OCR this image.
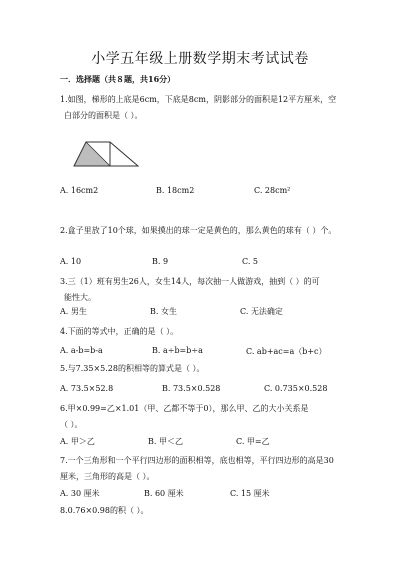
小学五年级上册数学期末考试试卷
一．选择题（共８题，共16分）
1.如图，梯形的上底是6cm，下底是8cm，阴影部分的面积是12平方厘米，空
白部分的面积是（ ）。
A. 16cm2	B. 18cm2	C. 28cm²
2.盒子里放了10个球，如果摸出的球一定是黄色的，那么黄色的球有（ ）个。
A. 10	B. 9	C. 5
3.三（1）班有男生26人，女生14人，每次抽一人做游戏，抽到（ ）的可
能性大。
A. 男生	B. 女生	C. 无法确定
4.下面的等式中，正确的是（ ）。
A. a-b=b-a	B. a÷b=b÷a	C. ab+ac=a（b+c）
5.与7.35×5.28的积相等的算式是（ ）。
A. 73.5×52.8	B. 73.5×0.528	C. 0.735×0.528
6.甲×0.99=乙×1.01（甲、乙都不等于0），那么甲、乙的大小关系是
（ ）。
A. 甲＞乙	B. 甲＜乙	C. 甲=乙
7.一个三角形和一个平行四边形的面积相等，底也相等，平行四边形的高是30
厘米，三角形的高是（ ）。
A. 30 厘米	B. 60 厘米	C. 15 厘米
8.0.76×0.98的积（ ）。
